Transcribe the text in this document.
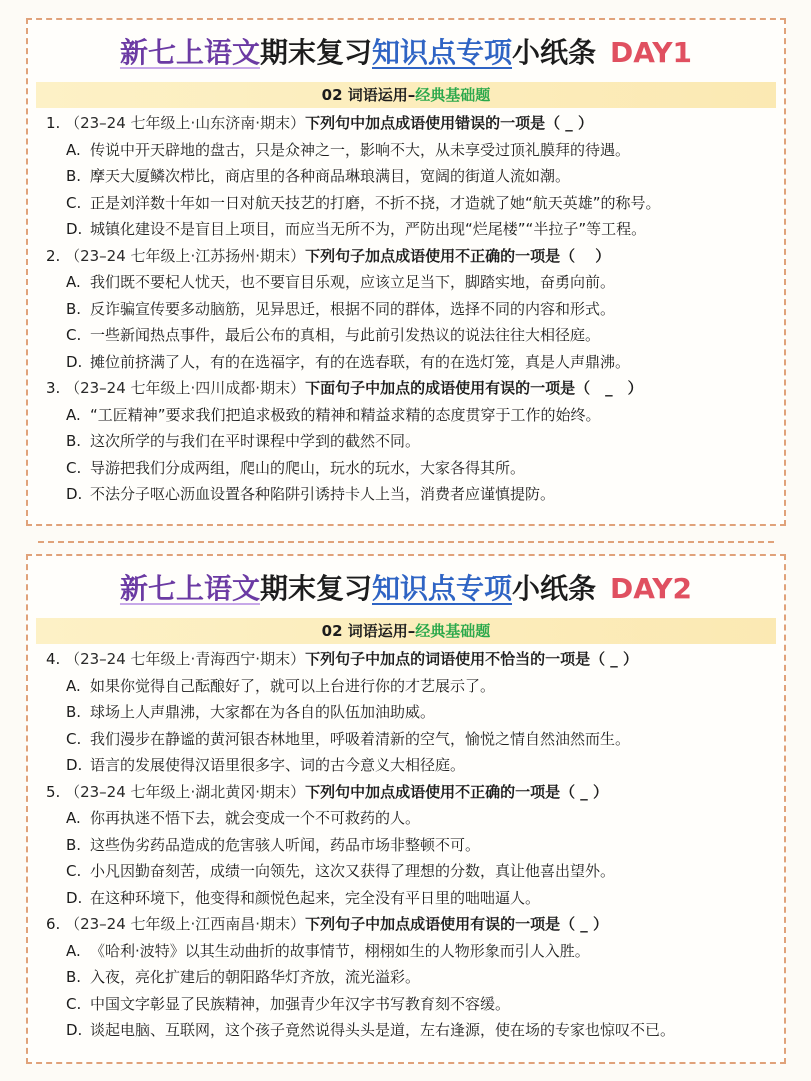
新七上语文期末复习知识点专项小纸条 DAY1
02 词语运用–经典基础题
1. （23–24 七年级上·山东济南·期末）下列句中加点成语使用错误的一项是（ _ ）
A. 传说中开天辟地的盘古，只是众神之一，影响不大，从未享受过顶礼膜拜的待遇。
B. 摩天大厦鳞次栉比，商店里的各种商品琳琅满目，宽阔的街道人流如潮。
C. 正是刘洋数十年如一日对航天技艺的打磨，不折不挠，才造就了她“航天英雄”的称号。
D. 城镇化建设不是盲目上项目，而应当无所不为，严防出现“烂尾楼”“半拉子”等工程。
2. （23–24 七年级上·江苏扬州·期末）下列句子加点成语使用不正确的一项是（　 ）
A. 我们既不要杞人忧天，也不要盲目乐观，应该立足当下，脚踏实地，奋勇向前。
B. 反诈骗宣传要多动脑筋，见异思迁，根据不同的群体，选择不同的内容和形式。
C. 一些新闻热点事件，最后公布的真相，与此前引发热议的说法往往大相径庭。
D. 摊位前挤满了人，有的在选福字，有的在选春联，有的在选灯笼，真是人声鼎沸。
3. （23–24 七年级上·四川成都·期末）下面句子中加点的成语使用有误的一项是（　_　）
A. “工匠精神”要求我们把追求极致的精神和精益求精的态度贯穿于工作的始终。
B. 这次所学的与我们在平时课程中学到的截然不同。
C. 导游把我们分成两组，爬山的爬山，玩水的玩水，大家各得其所。
D. 不法分子呕心沥血设置各种陷阱引诱持卡人上当，消费者应谨慎提防。
新七上语文期末复习知识点专项小纸条 DAY2
02 词语运用–经典基础题
4. （23–24 七年级上·青海西宁·期末）下列句子中加点的词语使用不恰当的一项是（ _ ）
A. 如果你觉得自己酝酿好了，就可以上台进行你的才艺展示了。
B. 球场上人声鼎沸，大家都在为各自的队伍加油助威。
C. 我们漫步在静谧的黄河银杏林地里，呼吸着清新的空气，愉悦之情自然油然而生。
D. 语言的发展使得汉语里很多字、词的古今意义大相径庭。
5. （23–24 七年级上·湖北黄冈·期末）下列句中加点成语使用不正确的一项是（ _ ）
A. 你再执迷不悟下去，就会变成一个不可救药的人。
B. 这些伪劣药品造成的危害骇人听闻，药品市场非整顿不可。
C. 小凡因勤奋刻苦，成绩一向领先，这次又获得了理想的分数，真让他喜出望外。
D. 在这种环境下，他变得和颜悦色起来，完全没有平日里的咄咄逼人。
6. （23–24 七年级上·江西南昌·期末）下列句子中加点成语使用有误的一项是（ _ ）
A. 《哈利·波特》以其生动曲折的故事情节，栩栩如生的人物形象而引人入胜。
B. 入夜，亮化扩建后的朝阳路华灯齐放，流光溢彩。
C. 中国文字彰显了民族精神，加强青少年汉字书写教育刻不容缓。
D. 谈起电脑、互联网，这个孩子竟然说得头头是道，左右逢源，使在场的专家也惊叹不已。
